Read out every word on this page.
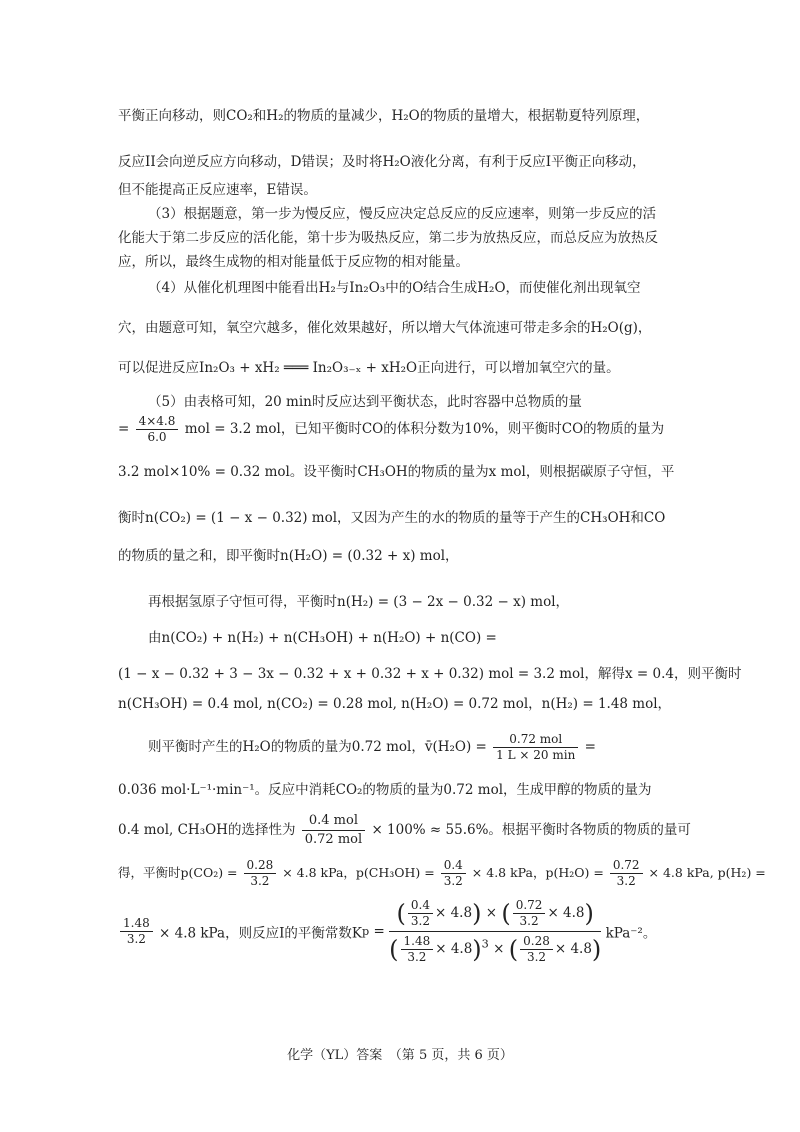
平衡正向移动，则CO₂和H₂的物质的量减少，H₂O的物质的量增大，根据勒夏特列原理，
反应II会向逆反应方向移动，D错误；及时将H₂O液化分离，有利于反应I平衡正向移动，
但不能提高正反应速率，E错误。
（3）根据题意，第一步为慢反应，慢反应决定总反应的反应速率，则第一步反应的活
化能大于第二步反应的活化能，第十步为吸热反应，第二步为放热反应，而总反应为放热反
应，所以，最终生成物的相对能量低于反应物的相对能量。
（4）从催化机理图中能看出H₂与In₂O₃中的O结合生成H₂O，而使催化剂出现氧空
穴，由题意可知，氧空穴越多，催化效果越好，所以增大气体流速可带走多余的H₂O(g)，
可以促进反应In₂O₃ + xH₂ ═══ In₂O₃₋ₓ + xH₂O正向进行，可以增加氧空穴的量。
（5）由表格可知，20 min时反应达到平衡状态，此时容器中总物质的量
= $\frac{4\times 4.8}{6.0}$ mol = 3.2 mol，已知平衡时CO的体积分数为10%，则平衡时CO的物质的量为
3.2 mol×10% = 0.32 mol。设平衡时CH₃OH的物质的量为x mol，则根据碳原子守恒，平
衡时n(CO₂) = (1 − x − 0.32) mol，又因为产生的水的物质的量等于产生的CH₃OH和CO
的物质的量之和，即平衡时n(H₂O) = (0.32 + x) mol，
再根据氢原子守恒可得，平衡时n(H₂) = (3 − 2x − 0.32 − x) mol，
由n(CO₂) + n(H₂) + n(CH₃OH) + n(H₂O) + n(CO) =
(1 − x − 0.32 + 3 − 3x − 0.32 + x + 0.32 + x + 0.32) mol = 3.2 mol，解得x = 0.4，则平衡时
n(CH₃OH) = 0.4 mol, n(CO₂) = 0.28 mol, n(H₂O) = 0.72 mol，n(H₂) = 1.48 mol，
则平衡时产生的H₂O的物质的量为0.72 mol，v̄(H₂O) = $\frac{\text{0.72 mol}}{1 L \times 20 \min}$ =
0.036 mol·L⁻¹·min⁻¹。反应中消耗CO₂的物质的量为0.72 mol，生成甲醇的物质的量为
0.4 mol, CH₃OH的选择性为 $\frac{\text{0.4 mol}}{\text{0.72 mol}} \times 100\% \approx 55.6\%$。根据平衡时各物质的物质的量可
得，平衡时$p(CO_2) = \frac{0.28}{3.2} \times 4.8$ kPa，$p(CH_3OH) = \frac{0.4}{3.2} \times 4.8$ kPa，$p(H_2O) = \frac{0.72}{3.2} \times 4.8$ kPa, p(H₂) =
$\frac{1.48}{3.2} \times 4.8$ kPa，则反应I的平衡常数$Kp = \frac{( \frac{0.4}{3.2} \times 4.8) \times ( \frac{0.72}{3.2} \times 4.8)}{( \frac{1.48}{3.2} \times 4.8)^3 \times ( \frac{0.28}{3.2} \times 4.8)} kPa^{-2}$。
化学（YL）答案　（第 5 页，共 6 页）
